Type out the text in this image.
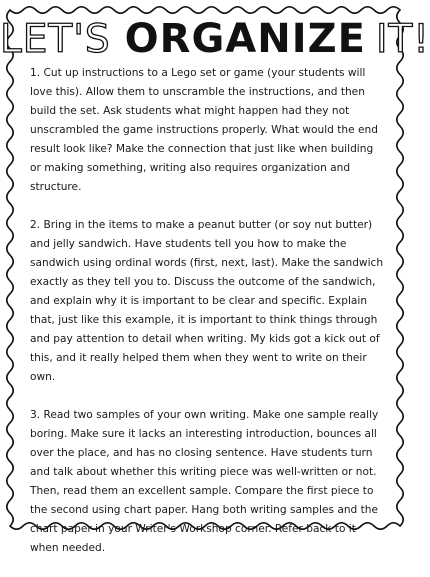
LET'S ORGANIZE IT!

1. Cut up instructions to a Lego set or game (your students will love this). Allow them to unscramble the instructions, and then build the set. Ask students what might happen had they not unscrambled the game instructions properly. What would the end result look like? Make the connection that just like when building or making something, writing also requires organization and structure.

2. Bring in the items to make a peanut butter (or soy nut butter) and jelly sandwich. Have students tell you how to make the sandwich using ordinal words (first, next, last). Make the sandwich exactly as they tell you to. Discuss the outcome of the sandwich, and explain why it is important to be clear and specific. Explain that, just like this example, it is important to think things through and pay attention to detail when writing. My kids got a kick out of this, and it really helped them when they went to write on their own.

3. Read two samples of your own writing. Make one sample really boring. Make sure it lacks an interesting introduction, bounces all over the place, and has no closing sentence. Have students turn and talk about whether this writing piece was well-written or not. Then, read them an excellent sample. Compare the first piece to the second using chart paper. Hang both writing samples and the chart paper in your Writer's Workshop corner. Refer back to it when needed.
